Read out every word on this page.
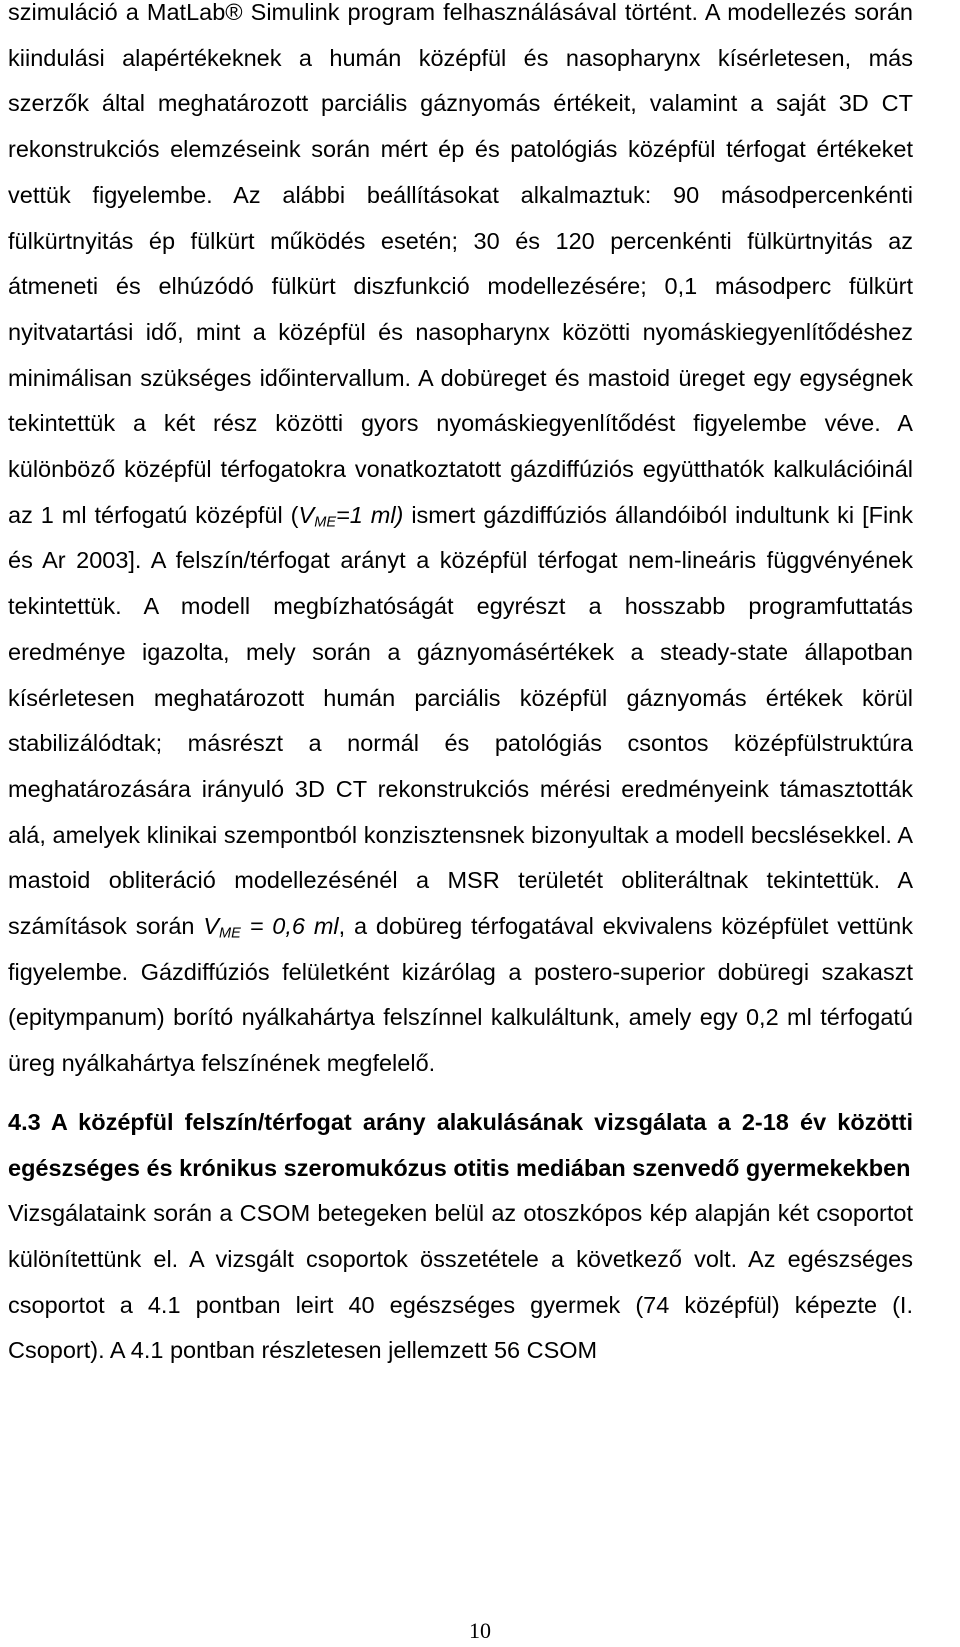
szimuláció a MatLab® Simulink program felhasználásával történt. A modellezés során kiindulási alapértékeknek a humán középfül és nasopharynx kísérletesen, más szerzők által meghatározott parciális gáznyomás értékeit, valamint a saját 3D CT rekonstrukciós elemzéseink során mért ép és patológiás középfül térfogat értékeket vettük figyelembe. Az alábbi beállításokat alkalmaztuk: 90 másodpercenkénti fülkürtnyitás ép fülkürt működés esetén; 30 és 120 percenkénti fülkürtnyitás az átmeneti és elhúzódó fülkürt diszfunkció modellezésére; 0,1 másodperc fülkürt nyitvatartási idő, mint a középfül és nasopharynx közötti nyomáskiegyenlítődéshez minimálisan szükséges időintervallum. A dobüreget és mastoid üreget egy egységnek tekintettük a két rész közötti gyors nyomáskiegyenlítődést figyelembe véve. A különböző középfül térfogatokra vonatkoztatott gázdiffúziós együtthatók kalkulációinál az 1 ml térfogatú középfül ($V_{ME}=1$ ml) ismert gázdiffúziós állandóiból indultunk ki [Fink és Ar 2003]. A felszín/térfogat arányt a középfül térfogat nem-lineáris függvényének tekintettük. A modell megbízhatóságát egyrészt a hosszabb programfuttatás eredménye igazolta, mely során a gáznyomásértékek a steady-state állapotban kísérletesen meghatározott humán parciális középfül gáznyomás értékek körül stabilizálódtak; másrészt a normál és patológiás csontos középfülstruktúra meghatározására irányuló 3D CT rekonstrukciós mérési eredményeink támasztották alá, amelyek klinikai szempontból konzisztensnek bizonyultak a modell becslésekkel. A mastoid obliteráció modellezésénél a MSR területét obliteráltnak tekintettük. A számítások során $V_{ME} = 0,6$ ml, a dobüreg térfogatával ekvivalens középfület vettünk figyelembe. Gázdiffúziós felületként kizárólag a postero-superior dobüregi szakaszt (epitympanum) borító nyálkahártya felszínnel kalkuláltunk, amely egy 0,2 ml térfogatú üreg nyálkahártya felszínének megfelelő.

4.3 A középfül felszín/térfogat arány alakulásának vizsgálata a 2-18 év közötti egészséges és krónikus szeromukózus otitis mediában szenvedő gyermekekben

Vizsgálataink során a CSOM betegeken belül az otoszkópos kép alapján két csoportot különítettünk el. A vizsgált csoportok összetétele a következő volt. Az egészséges csoportot a 4.1 pontban leirt 40 egészséges gyermek (74 középfül) képezte (I. Csoport). A 4.1 pontban részletesen jellemzett 56 CSOM

10
